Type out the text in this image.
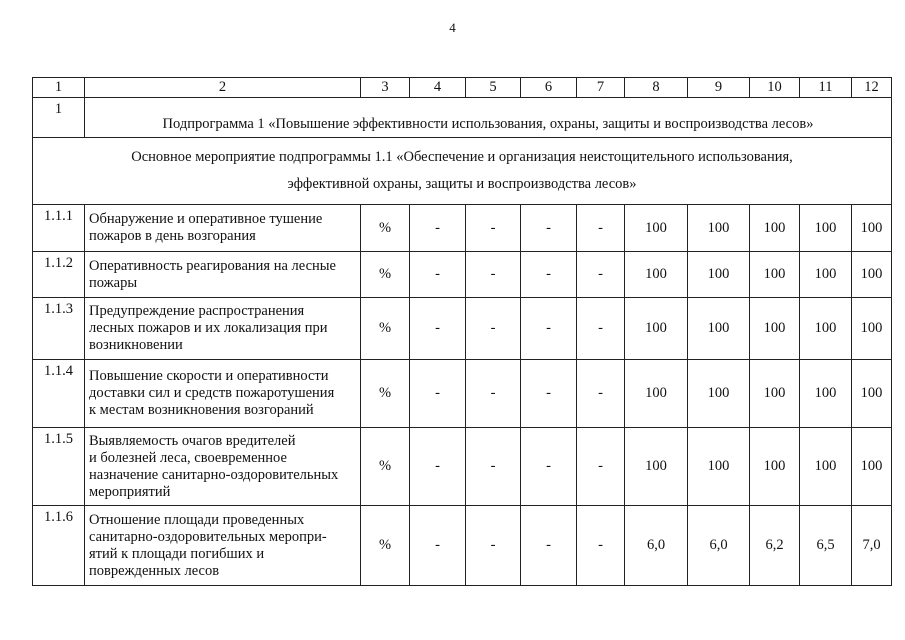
4
1	2	3	4	5	6	7	8	9	10	11	12
1	Подпрограмма 1 «Повышение эффективности использования, охраны, защиты и воспроизводства лесов»										

Основное мероприятие подпрограммы 1.1 «Обеспечение и организация неистощительного использования,
эффективной охраны, защиты и воспроизводства лесов»											

1.1.1	Обнаружение и оперативное тушение
пожаров в день возгорания	%	-	-	-	-	100	100	100	100	100
1.1.2	Оперативность реагирования на лесные
пожары	%	-	-	-	-	100	100	100	100	100
1.1.3	Предупреждение распространения
лесных пожаров и их локализация при
возникновении	%	-	-	-	-	100	100	100	100	100
1.1.4	Повышение скорости и оперативности
доставки сил и средств пожаротушения
к местам возникновения возгораний	%	-	-	-	-	100	100	100	100	100
1.1.5	Выявляемость очагов вредителей
и болезней леса, своевременное
назначение санитарно-оздоровительных
мероприятий	%	-	-	-	-	100	100	100	100	100
1.1.6	Отношение площади проведенных
санитарно-оздоровительных меропри-
ятий к площади погибших и
поврежденных лесов	%	-	-	-	-	6,0	6,0	6,2	6,5	7,0
